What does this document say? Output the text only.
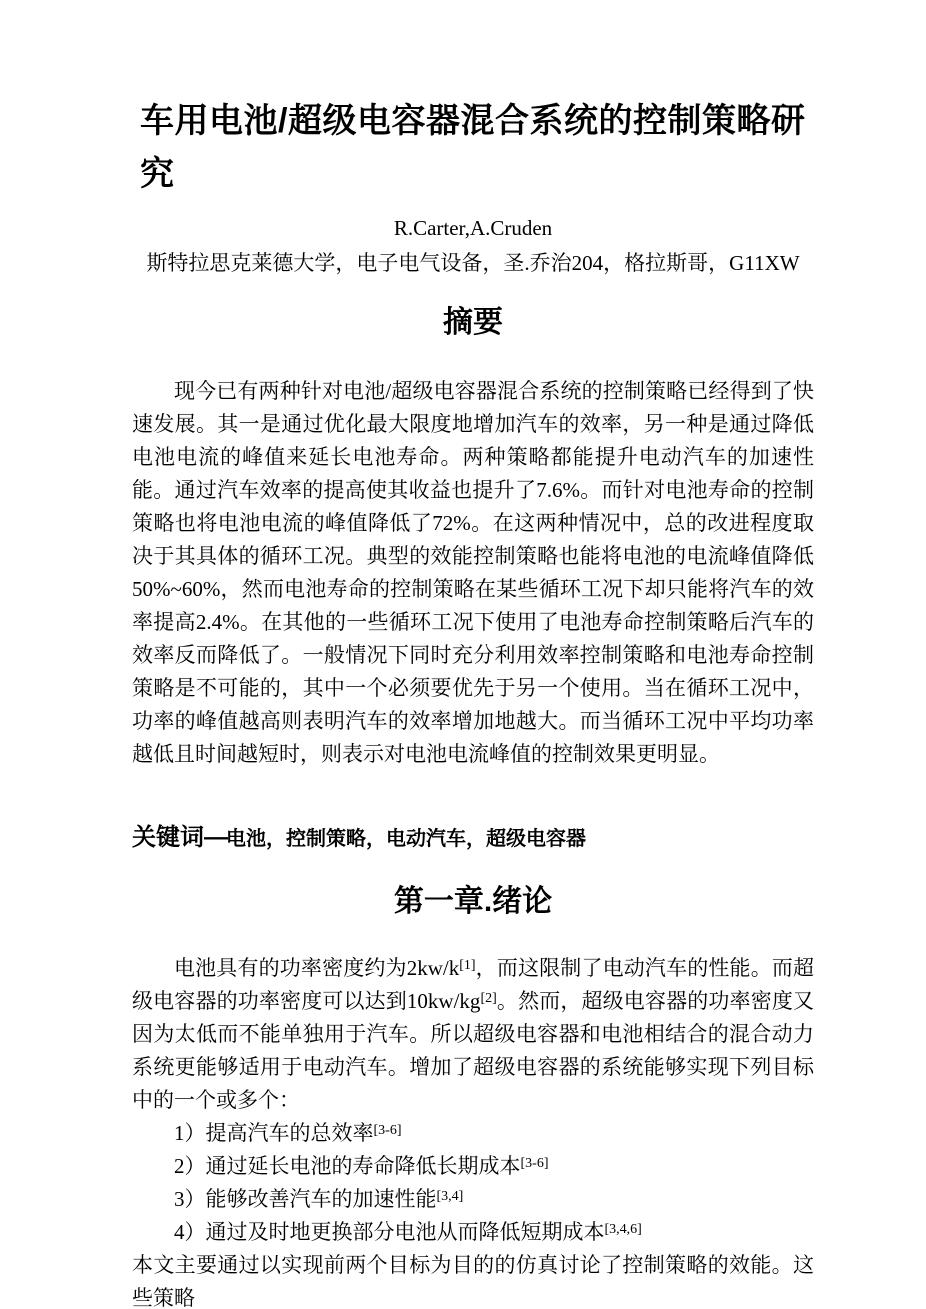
车用电池/超级电容器混合系统的控制策略研究
R.Carter,A.Cruden
斯特拉思克莱德大学，电子电气设备，圣.乔治204，格拉斯哥，G11XW
摘要

现今已有两种针对电池/超级电容器混合系统的控制策略已经得到了快速发展。其一是通过优化最大限度地增加汽车的效率，另一种是通过降低电池电流的峰值来延长电池寿命。两种策略都能提升电动汽车的加速性能。通过汽车效率的提高使其收益也提升了7.6%。而针对电池寿命的控制策略也将电池电流的峰值降低了72%。在这两种情况中，总的改进程度取决于其具体的循环工况。典型的效能控制策略也能将电池的电流峰值降低50%~60%，然而电池寿命的控制策略在某些循环工况下却只能将汽车的效率提高2.4%。在其他的一些循环工况下使用了电池寿命控制策略后汽车的效率反而降低了。一般情况下同时充分利用效率控制策略和电池寿命控制策略是不可能的，其中一个必须要优先于另一个使用。当在循环工况中，功率的峰值越高则表明汽车的效率增加地越大。而当循环工况中平均功率越低且时间越短时，则表示对电池电流峰值的控制效果更明显。

关键词—电池，控制策略，电动汽车，超级电容器
第一章.绪论

电池具有的功率密度约为2kw/k[1]，而这限制了电动汽车的性能。而超级电容器的功率密度可以达到10kw/kg[2]。然而，超级电容器的功率密度又因为太低而不能单独用于汽车。所以超级电容器和电池相结合的混合动力系统更能够适用于电动汽车。增加了超级电容器的系统能够实现下列目标中的一个或多个：

1）提高汽车的总效率[3-6]
2）通过延长电池的寿命降低长期成本[3-6]
3）能够改善汽车的加速性能[3,4]
4）通过及时地更换部分电池从而降低短期成本[3,4,6]

本文主要通过以实现前两个目标为目的的仿真讨论了控制策略的效能。这些策略
